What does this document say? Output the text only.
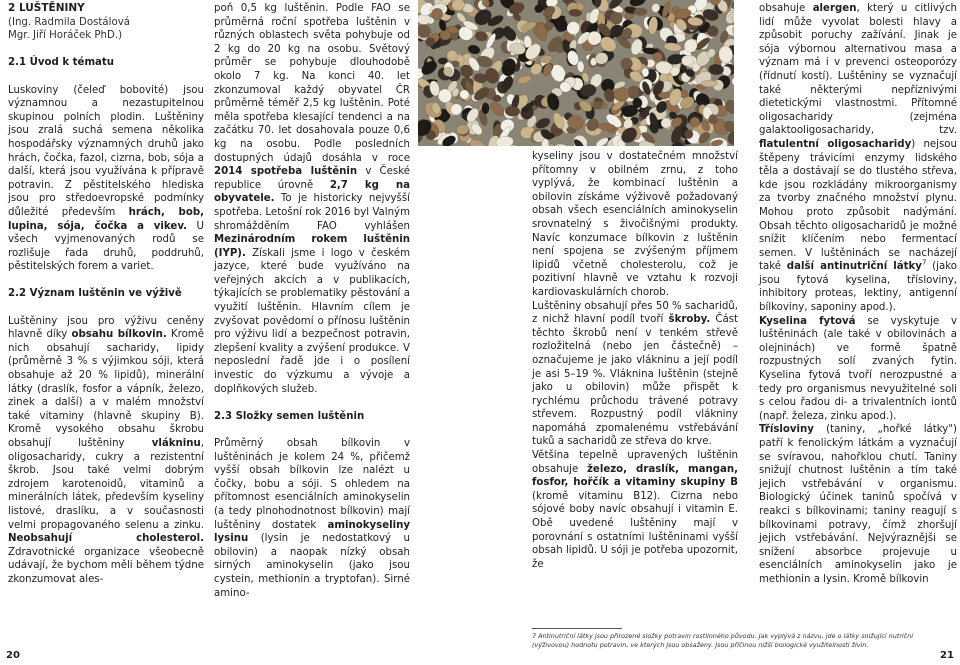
2 LUŠTĚNINY

(Ing. Radmila Dostálová

Mgr. Jiří Horáček PhD.)

2.1 Úvod k tématu

Luskoviny (čeleď bobovité) jsou významnou a nezastupitelnou skupinou polních plodin. Luštěniny jsou zralá suchá semena několika hospodářsky významných druhů jako hrách, čočka, fazol, cizrna, bob, sója a další, která jsou využívána k přípravě potravin. Z pěstitelského hlediska jsou pro středoevropské podmínky důležité především hrách, bob, lupina, sója, čočka a vikev. U všech vyjmenovaných rodů se rozlišuje řada druhů, poddruhů, pěstitelských forem a variet.

2.2 Význam luštěnin ve výživě

Luštěniny jsou pro výživu ceněny hlavně díky obsahu bílkovin. Kromě nich obsahují sacharidy, lipidy (průměrně 3 % s výjimkou sóji, která obsahuje až 20 % lipidů), minerální látky (draslík, fosfor a vápník, železo, zinek a další) a v malém množství také vitaminy (hlavně skupiny B). Kromě vysokého obsahu škrobu obsahují luštěniny vlákninu, oligosacharidy, cukry a rezistentní škrob. Jsou také velmi dobrým zdrojem karotenoidů, vitaminů a minerálních látek, především kyseliny listové, draslíku, a v současnosti velmi propagovaného selenu a zinku. Neobsahují cholesterol. Zdravotnické organizace všeobecně udávají, že bychom měli během týdne zkonzumovat ales-

poň 0,5 kg luštěnin. Podle FAO se průměrná roční spotřeba luštěnin v různých oblastech světa pohybuje od 2 kg do 20 kg na osobu. Světový průměr se pohybuje dlouhodobě okolo 7 kg. Na konci 40. let zkonzumoval každý obyvatel ČR průměrně téměř 2,5 kg luštěnin. Poté měla spotřeba klesající tendenci a na začátku 70. let dosahovala pouze 0,6 kg na osobu. Podle posledních dostupných údajů dosáhla v roce 2014 spotřeba luštěnin v České republice úrovně 2,7 kg na obyvatele. To je historicky nejvyšší spotřeba. Letošní rok 2016 byl Valným shromážděním FAO vyhlášen Mezinárodním rokem luštěnin (IYP). Získali jsme i logo v českém jazyce, které bude využíváno na veřejných akcích a v publikacích, týkajících se problematiky pěstování a využití luštěnin. Hlavním cílem je zvyšovat povědomí o přínosu luštěnin pro výživu lidí a bezpečnost potravin, zlepšení kvality a zvýšení produkce. V neposlední řadě jde i o posílení investic do výzkumu a vývoje a doplňkových služeb.

2.3 Složky semen luštěnin

Průměrný obsah bílkovin v luštěninách je kolem 24 %, přičemž vyšší obsah bílkovin lze nalézt u čočky, bobu a sóji. S ohledem na přítomnost esenciálních aminokyselin (a tedy plnohodnotnost bílkovin) mají luštěniny dostatek aminokyseliny lysinu (lysin je nedostatkový u obilovin) a naopak nízký obsah sirných aminokyselin (jako jsou cystein, methionin a tryptofan). Sirné amino-

kyseliny jsou v dostatečném množství přítomny v obilném zrnu, z toho vyplývá, že kombinací luštěnin a obilovin získáme výživově požadovaný obsah všech esenciálních aminokyselin srovnatelný s živočišnými produkty. Navíc konzumace bílkovin z luštěnin není spojena se zvýšeným příjmem lipidů včetně cholesterolu, což je pozitivní hlavně ve vztahu k rozvoji kardiovaskulárních chorob.

Luštěniny obsahují přes 50 % sacharidů, z nichž hlavní podíl tvoří škroby. Část těchto škrobů není v tenkém střevě rozložitelná (nebo jen částečně) – označujeme je jako vlákninu a její podíl je asi 5–19 %. Vláknina luštěnin (stejně jako u obilovin) může přispět k rychlému průchodu trávené potravy střevem. Rozpustný podíl vlákniny napomáhá zpomalenému vstřebávání tuků a sacharidů ze střeva do krve.

Většina tepelně upravených luštěnin obsahuje železo, draslík, mangan, fosfor, hořčík a vitaminy skupiny B (kromě vitaminu B12). Cizrna nebo sójové boby navíc obsahují i vitamin E. Obě uvedené luštěniny mají v porovnání s ostatními luštěninami vyšší obsah lipidů. U sóji je potřeba upozornit, že

obsahuje alergen, který u citlivých lidí může vyvolat bolesti hlavy a způsobit poruchy zažívání. Jinak je sója výbornou alternativou masa a význam má i v prevenci osteoporózy (řídnutí kostí). Luštěniny se vyznačují také některými nepříznivými dietetickými vlastnostmi. Přítomné oligosacharidy (zejména galaktooligosacharidy, tzv. flatulentní oligosacharidy) nejsou štěpeny trávicími enzymy lidského těla a dostávají se do tlustého střeva, kde jsou rozkládány mikroorganismy za tvorby značného množství plynu. Mohou proto způsobit nadýmání. Obsah těchto oligosacharidů je možné snížit klíčením nebo fermentací semen. V luštěninách se nacházejí také další antinutriční látky$^7$ (jako jsou fytová kyselina, třísloviny, inhibitory proteas, lektiny, antigenní bílkoviny, saponiny apod.).

Kyselina fytová se vyskytuje v luštěninách (ale také v obilovinách a olejninách) ve formě špatně rozpustných solí zvaných fytin. Kyselina fytová tvoří nerozpustné a tedy pro organismus nevyužitelné soli s celou řadou di- a trivalentních iontů (např. železa, zinku apod.).

Třísloviny (taniny, „hořké látky") patří k fenolickým látkám a vyznačují se svíravou, nahořklou chutí. Taniny snižují chutnost luštěnin a tím také jejich vstřebávání v organismu. Biologický účinek taninů spočívá v reakci s bílkovinami; taniny reagují s bílkovinami potravy, čímž zhoršují jejich vstřebávání. Nejvýraznějši se snížení absorbce projevuje u esenciálních aminokyselin jako je methionin a lysin. Kromě bílkovin

7 Antinutriční látky jsou přirozené složky potravin rostlinného původu. Jak vyplývá z názvu, jde o látky snižující nutriční (výživovou) hodnotu potravin, ve kterých jsou obsaženy. Jsou příčinou nižší biologické využitelnosti živin.
20	21
